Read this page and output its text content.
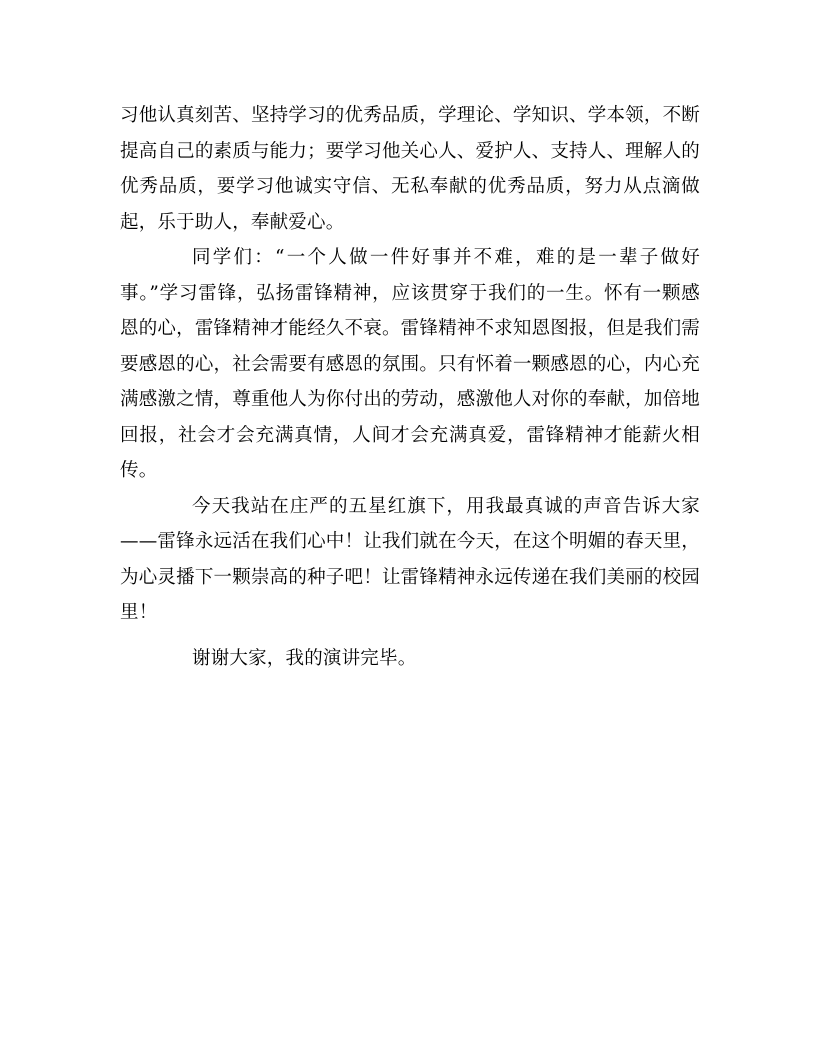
习他认真刻苦、坚持学习的优秀品质，学理论、学知识、学本领，不断提高自己的素质与能力；要学习他关心人、爱护人、支持人、理解人的优秀品质，要学习他诚实守信、无私奉献的优秀品质，努力从点滴做起，乐于助人，奉献爱心。

同学们：“一个人做一件好事并不难，难的是一辈子做好事。”学习雷锋，弘扬雷锋精神，应该贯穿于我们的一生。怀有一颗感恩的心，雷锋精神才能经久不衰。雷锋精神不求知恩图报，但是我们需要感恩的心，社会需要有感恩的氛围。只有怀着一颗感恩的心，内心充满感激之情，尊重他人为你付出的劳动，感激他人对你的奉献，加倍地回报，社会才会充满真情，人间才会充满真爱，雷锋精神才能薪火相传。

今天我站在庄严的五星红旗下，用我最真诚的声音告诉大家——雷锋永远活在我们心中！让我们就在今天，在这个明媚的春天里，为心灵播下一颗崇高的种子吧！让雷锋精神永远传递在我们美丽的校园里！

谢谢大家，我的演讲完毕。
